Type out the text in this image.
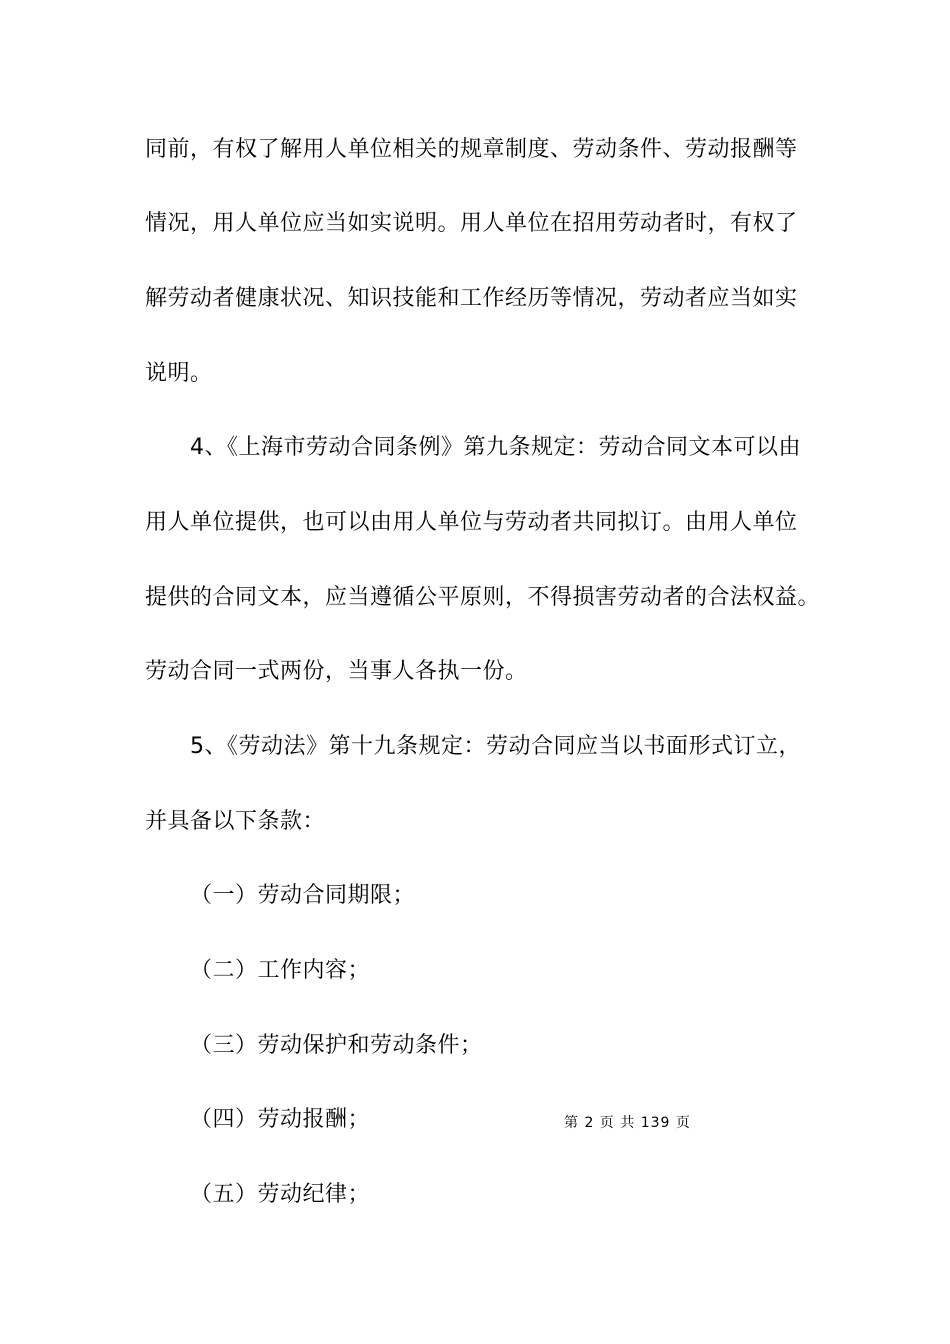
同前，有权了解用人单位相关的规章制度、劳动条件、劳动报酬等
情况，用人单位应当如实说明。用人单位在招用劳动者时，有权了
解劳动者健康状况、知识技能和工作经历等情况，劳动者应当如实
说明。
4、《上海市劳动合同条例》第九条规定：劳动合同文本可以由
用人单位提供，也可以由用人单位与劳动者共同拟订。由用人单位
提供的合同文本，应当遵循公平原则，不得损害劳动者的合法权益。
劳动合同一式两份，当事人各执一份。
5、《劳动法》第十九条规定：劳动合同应当以书面形式订立，
并具备以下条款：
（一）劳动合同期限；
（二）工作内容；
（三）劳动保护和劳动条件；
（四）劳动报酬；
（五）劳动纪律；
第 2 页 共 139 页
